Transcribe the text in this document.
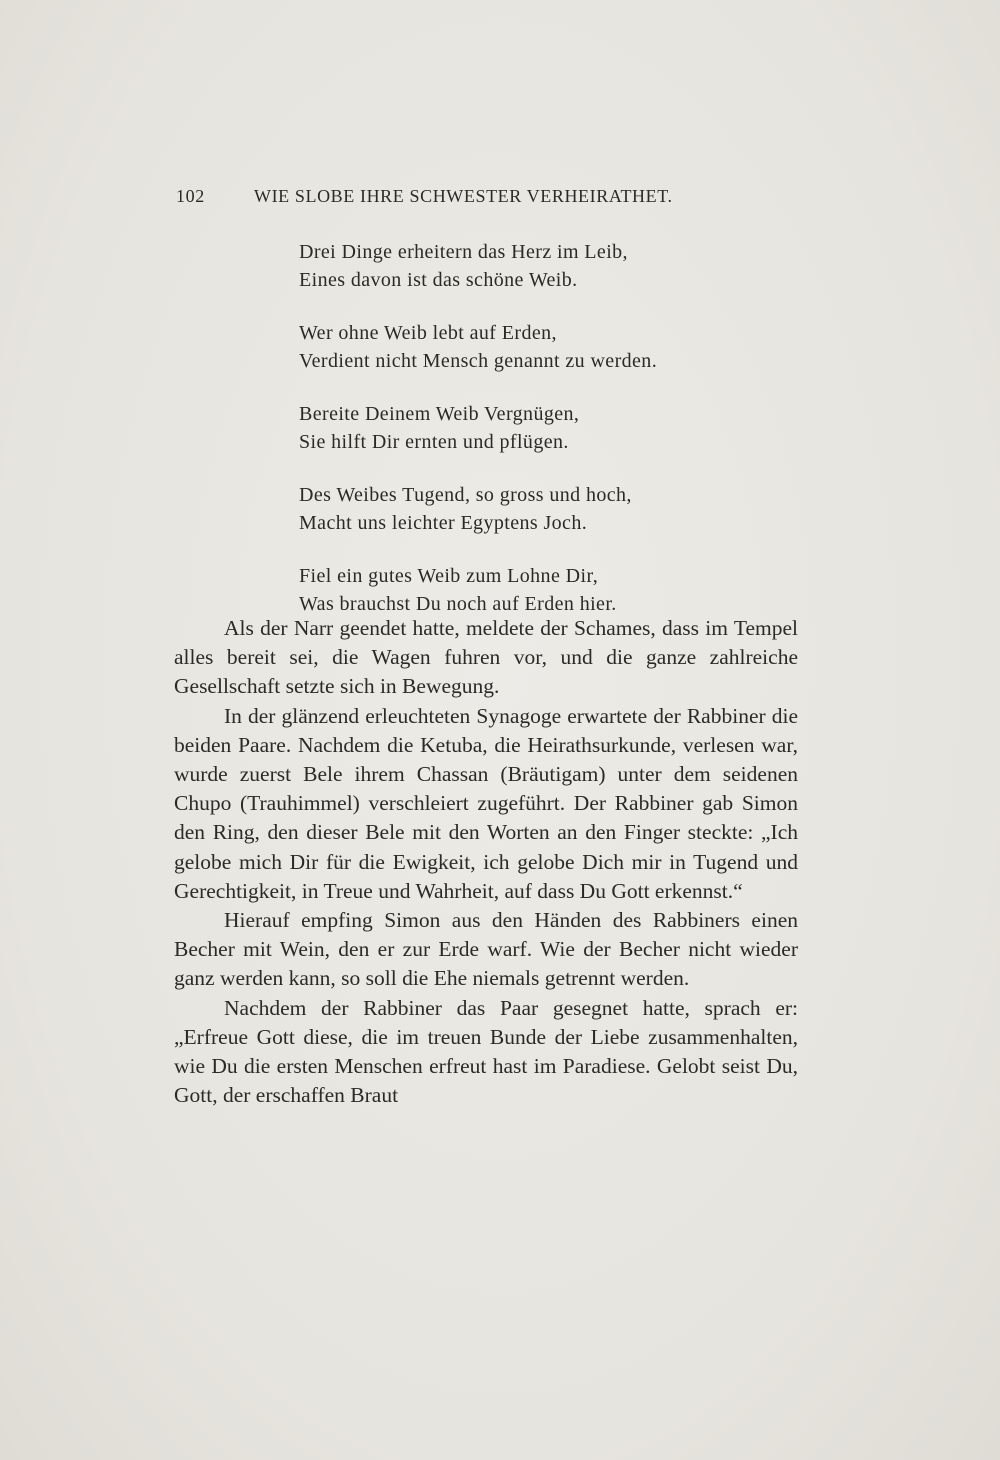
102	WIE SLOBE IHRE SCHWESTER VERHEIRATHET.
Drei Dinge erheitern das Herz im Leib,
Eines davon ist das schöne Weib.
Wer ohne Weib lebt auf Erden,
Verdient nicht Mensch genannt zu werden.
Bereite Deinem Weib Vergnügen,
Sie hilft Dir ernten und pflügen.
Des Weibes Tugend, so gross und hoch,
Macht uns leichter Egyptens Joch.
Fiel ein gutes Weib zum Lohne Dir,
Was brauchst Du noch auf Erden hier.

Als der Narr geendet hatte, meldete der Schames, dass im Tempel alles bereit sei, die Wagen fuhren vor, und die ganze zahlreiche Gesellschaft setzte sich in Bewegung.

In der glänzend erleuchteten Synagoge erwartete der Rabbiner die beiden Paare. Nachdem die Ketuba, die Heirathsurkunde, verlesen war, wurde zuerst Bele ihrem Chassan (Bräutigam) unter dem seidenen Chupo (Trauhimmel) verschleiert zugeführt. Der Rabbiner gab Simon den Ring, den dieser Bele mit den Worten an den Finger steckte: „Ich gelobe mich Dir für die Ewigkeit, ich gelobe Dich mir in Tugend und Gerechtigkeit, in Treue und Wahrheit, auf dass Du Gott erkennst.“

Hierauf empfing Simon aus den Händen des Rabbiners einen Becher mit Wein, den er zur Erde warf. Wie der Becher nicht wieder ganz werden kann, so soll die Ehe niemals getrennt werden.

Nachdem der Rabbiner das Paar gesegnet hatte, sprach er: „Erfreue Gott diese, die im treuen Bunde der Liebe zusammenhalten, wie Du die ersten Menschen erfreut hast im Paradiese. Gelobt seist Du, Gott, der erschaffen Braut
